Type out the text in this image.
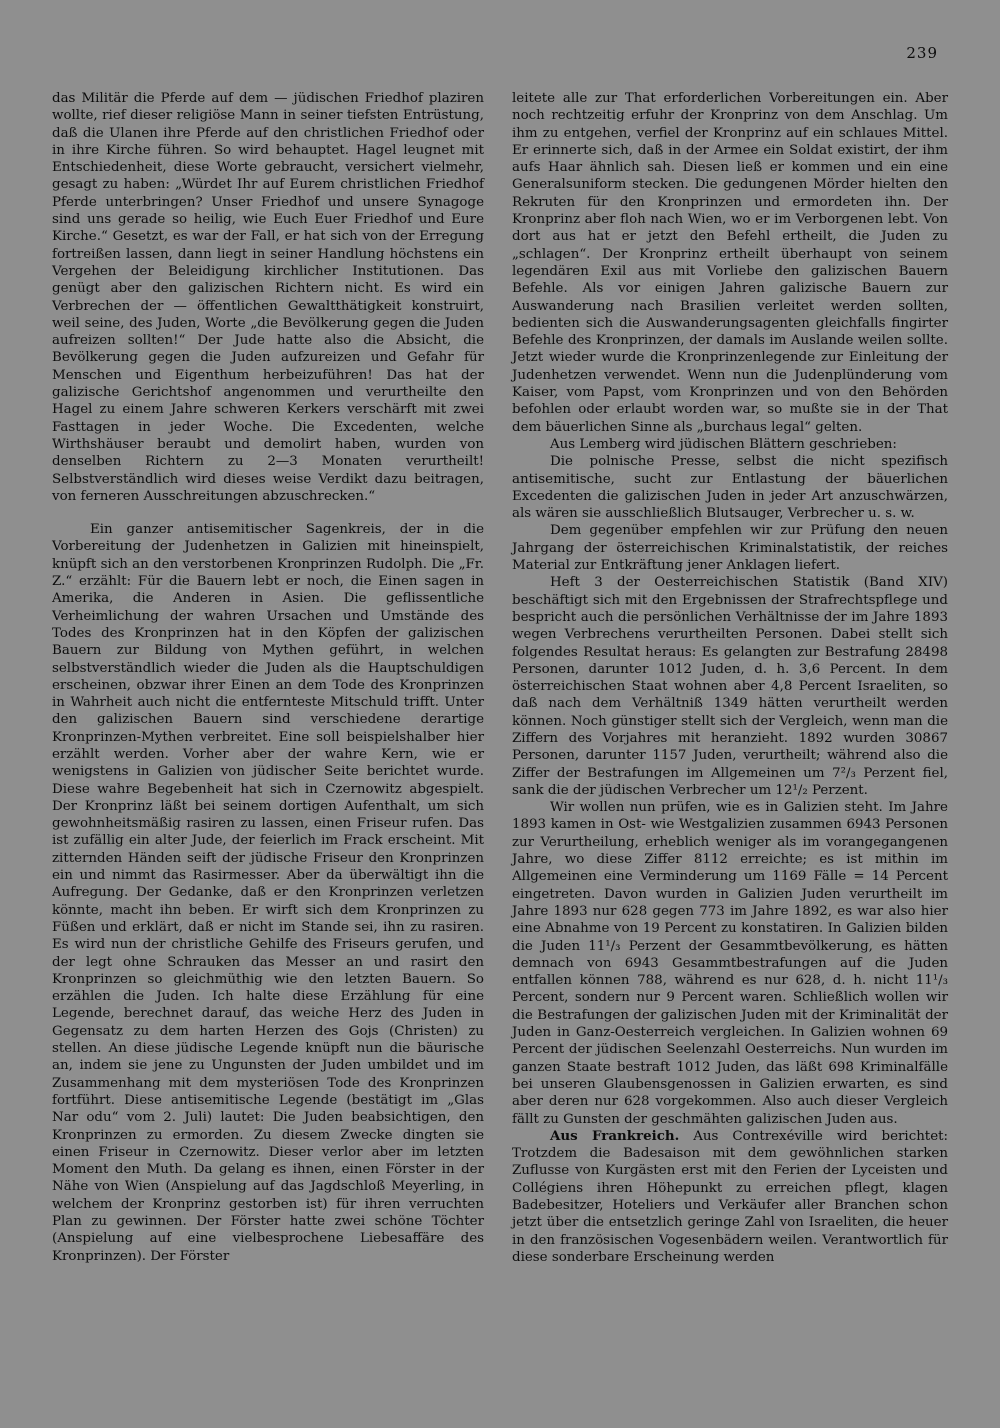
239

das Militär die Pferde auf dem — jüdischen Friedhof plaziren wollte, rief dieser religiöse Mann in seiner tiefsten Entrüstung, daß die Ulanen ihre Pferde auf den christlichen Friedhof oder in ihre Kirche führen. So wird behauptet. Hagel leugnet mit Entschiedenheit, diese Worte gebraucht, versichert vielmehr, gesagt zu haben: „Würdet Ihr auf Eurem christlichen Friedhof Pferde unterbringen? Unser Friedhof und unsere Synagoge sind uns gerade so heilig, wie Euch Euer Friedhof und Eure Kirche.“ Gesetzt, es war der Fall, er hat sich von der Erregung fortreißen lassen, dann liegt in seiner Handlung höchstens ein Vergehen der Beleidigung kirchlicher Institutionen. Das genügt aber den galizischen Richtern nicht. Es wird ein Verbrechen der — öffentlichen Gewaltthätigkeit konstruirt, weil seine, des Juden, Worte „die Bevölkerung gegen die Juden aufreizen sollten!“ Der Jude hatte also die Absicht, die Bevölkerung gegen die Juden aufzureizen und Gefahr für Menschen und Eigenthum herbeizuführen! Das hat der galizische Gerichtshof angenommen und verurtheilte den Hagel zu einem Jahre schweren Kerkers verschärft mit zwei Fasttagen in jeder Woche. Die Excedenten, welche Wirthshäuser beraubt und demolirt haben, wurden von denselben Richtern zu 2—3 Monaten verurtheilt! Selbstverständlich wird dieses weise Verdikt dazu beitragen, von ferneren Ausschreitungen abzuschrecken.“

Ein ganzer antisemitischer Sagenkreis, der in die Vorbereitung der Judenhetzen in Galizien mit hineinspielt, knüpft sich an den verstorbenen Kronprinzen Rudolph. Die „Fr. Z.“ erzählt: Für die Bauern lebt er noch, die Einen sagen in Amerika, die Anderen in Asien. Die geflissentliche Verheimlichung der wahren Ursachen und Umstände des Todes des Kronprinzen hat in den Köpfen der galizischen Bauern zur Bildung von Mythen geführt, in welchen selbstverständlich wieder die Juden als die Hauptschuldigen erscheinen, obzwar ihrer Einen an dem Tode des Kronprinzen in Wahrheit auch nicht die entfernteste Mitschuld trifft. Unter den galizischen Bauern sind verschiedene derartige Kronprinzen-Mythen verbreitet. Eine soll beispielshalber hier erzählt werden. Vorher aber der wahre Kern, wie er wenigstens in Galizien von jüdischer Seite berichtet wurde. Diese wahre Begebenheit hat sich in Czernowitz abgespielt. Der Kronprinz läßt bei seinem dortigen Aufenthalt, um sich gewohnheitsmäßig rasiren zu lassen, einen Friseur rufen. Das ist zufällig ein alter Jude, der feierlich im Frack erscheint. Mit zitternden Händen seift der jüdische Friseur den Kronprinzen ein und nimmt das Rasirmesser. Aber da überwältigt ihn die Aufregung. Der Gedanke, daß er den Kronprinzen verletzen könnte, macht ihn beben. Er wirft sich dem Kronprinzen zu Füßen und erklärt, daß er nicht im Stande sei, ihn zu rasiren. Es wird nun der christliche Gehilfe des Friseurs gerufen, und der legt ohne Schrauken das Messer an und rasirt den Kronprinzen so gleichmüthig wie den letzten Bauern. So erzählen die Juden. Ich halte diese Erzählung für eine Legende, berechnet darauf, das weiche Herz des Juden in Gegensatz zu dem harten Herzen des Gojs (Christen) zu stellen. An diese jüdische Legende knüpft nun die bäurische an, indem sie jene zu Ungunsten der Juden umbildet und im Zusammenhang mit dem mysteriösen Tode des Kronprinzen fortführt. Diese antisemitische Legende (bestätigt im „Glas Nar odu“ vom 2. Juli) lautet: Die Juden beabsichtigen, den Kronprinzen zu ermorden. Zu diesem Zwecke dingten sie einen Friseur in Czernowitz. Dieser verlor aber im letzten Moment den Muth. Da gelang es ihnen, einen Förster in der Nähe von Wien (Anspielung auf das Jagdschloß Meyerling, in welchem der Kronprinz gestorben ist) für ihren verruchten Plan zu gewinnen. Der Förster hatte zwei schöne Töchter (Anspielung auf eine vielbesprochene Liebesaffäre des Kronprinzen). Der Förster

leitete alle zur That erforderlichen Vorbereitungen ein. Aber noch rechtzeitig erfuhr der Kronprinz von dem Anschlag. Um ihm zu entgehen, verfiel der Kronprinz auf ein schlaues Mittel. Er erinnerte sich, daß in der Armee ein Soldat existirt, der ihm aufs Haar ähnlich sah. Diesen ließ er kommen und ein eine Generalsuniform stecken. Die gedungenen Mörder hielten den Rekruten für den Kronprinzen und ermordeten ihn. Der Kronprinz aber floh nach Wien, wo er im Verborgenen lebt. Von dort aus hat er jetzt den Befehl ertheilt, die Juden zu „schlagen“. Der Kronprinz ertheilt überhaupt von seinem legendären Exil aus mit Vorliebe den galizischen Bauern Befehle. Als vor einigen Jahren galizische Bauern zur Auswanderung nach Brasilien verleitet werden sollten, bedienten sich die Auswanderungsagenten gleichfalls fingirter Befehle des Kronprinzen, der damals im Auslande weilen sollte. Jetzt wieder wurde die Kronprinzenlegende zur Einleitung der Judenhetzen verwendet. Wenn nun die Judenplünderung vom Kaiser, vom Papst, vom Kronprinzen und von den Behörden befohlen oder erlaubt worden war, so mußte sie in der That dem bäuerlichen Sinne als „burchaus legal“ gelten.

Aus Lemberg wird jüdischen Blättern geschrieben:

Die polnische Presse, selbst die nicht spezifisch antisemitische, sucht zur Entlastung der bäuerlichen Excedenten die galizischen Juden in jeder Art anzuschwärzen, als wären sie ausschließlich Blutsauger, Verbrecher u. s. w.

Dem gegenüber empfehlen wir zur Prüfung den neuen Jahrgang der österreichischen Kriminalstatistik, der reiches Material zur Entkräftung jener Anklagen liefert.

Heft 3 der Oesterreichischen Statistik (Band XIV) beschäftigt sich mit den Ergebnissen der Strafrechtspflege und bespricht auch die persönlichen Verhältnisse der im Jahre 1893 wegen Verbrechens verurtheilten Personen. Dabei stellt sich folgendes Resultat heraus: Es gelangten zur Bestrafung 28498 Personen, darunter 1012 Juden, d. h. 3,6 Percent. In dem österreichischen Staat wohnen aber 4,8 Percent Israeliten, so daß nach dem Verhältniß 1349 hätten verurtheilt werden können. Noch günstiger stellt sich der Vergleich, wenn man die Ziffern des Vorjahres mit heranzieht. 1892 wurden 30867 Personen, darunter 1157 Juden, verurtheilt; während also die Ziffer der Bestrafungen im Allgemeinen um 7²/₃ Perzent fiel, sank die der jüdischen Verbrecher um 12¹/₂ Perzent.

Wir wollen nun prüfen, wie es in Galizien steht. Im Jahre 1893 kamen in Ost- wie Westgalizien zusammen 6943 Personen zur Verurtheilung, erheblich weniger als im vorangegangenen Jahre, wo diese Ziffer 8112 erreichte; es ist mithin im Allgemeinen eine Verminderung um 1169 Fälle = 14 Percent eingetreten. Davon wurden in Galizien Juden verurtheilt im Jahre 1893 nur 628 gegen 773 im Jahre 1892, es war also hier eine Abnahme von 19 Percent zu konstatiren. In Galizien bilden die Juden 11¹/₃ Perzent der Gesammtbevölkerung, es hätten demnach von 6943 Gesammtbestrafungen auf die Juden entfallen können 788, während es nur 628, d. h. nicht 11¹/₃ Percent, sondern nur 9 Percent waren. Schließlich wollen wir die Bestrafungen der galizischen Juden mit der Kriminalität der Juden in Ganz-Oesterreich vergleichen. In Galizien wohnen 69 Percent der jüdischen Seelenzahl Oesterreichs. Nun wurden im ganzen Staate bestraft 1012 Juden, das läßt 698 Kriminalfälle bei unseren Glaubensgenossen in Galizien erwarten, es sind aber deren nur 628 vorgekommen. Also auch dieser Vergleich fällt zu Gunsten der geschmähten galizischen Juden aus.

Aus Frankreich. Aus Contrexéville wird berichtet: Trotzdem die Badesaison mit dem gewöhnlichen starken Zuflusse von Kurgästen erst mit den Ferien der Lyceisten und Collégiens ihren Höhepunkt zu erreichen pflegt, klagen Badebesitzer, Hoteliers und Verkäufer aller Branchen schon jetzt über die entsetzlich geringe Zahl von Israeliten, die heuer in den französischen Vogesenbädern weilen. Verantwortlich für diese sonderbare Erscheinung werden
